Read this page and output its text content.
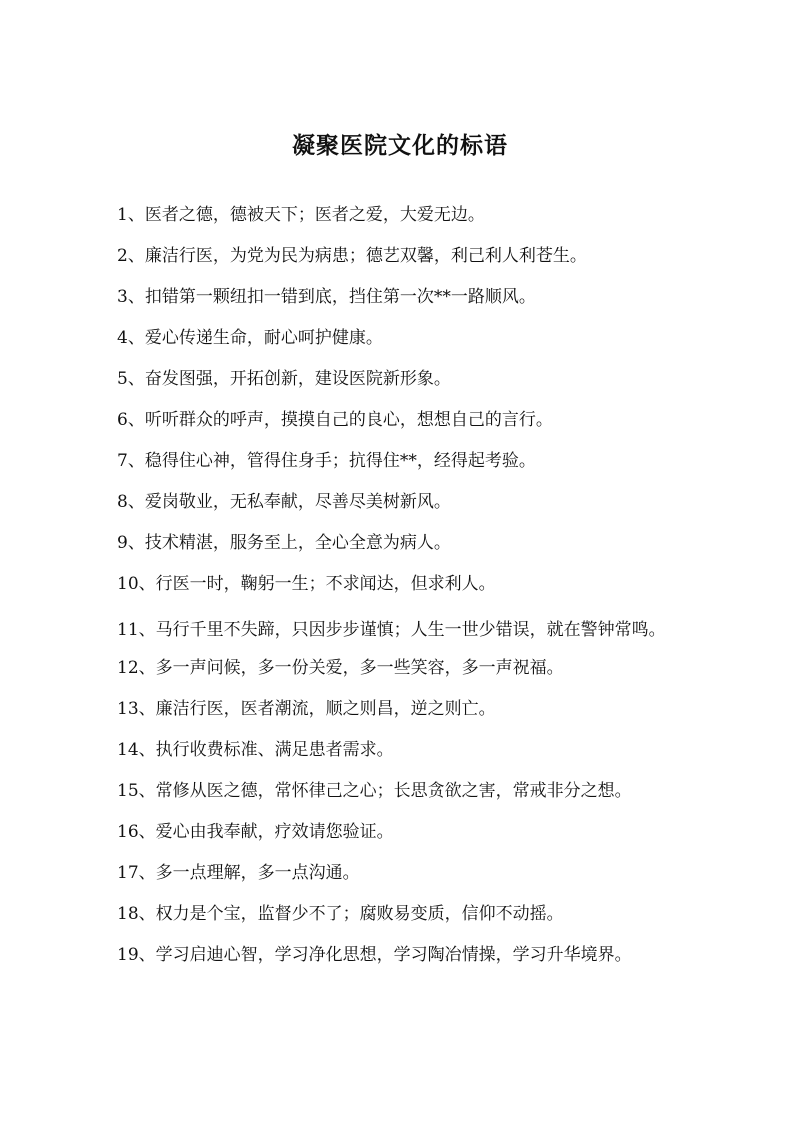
凝聚医院文化的标语
1、医者之德，德被天下；医者之爱，大爱无边。
2、廉洁行医，为党为民为病患；德艺双馨，利己利人利苍生。
3、扣错第一颗纽扣一错到底，挡住第一次**一路顺风。
4、爱心传递生命，耐心呵护健康。
5、奋发图强，开拓创新，建设医院新形象。
6、听听群众的呼声，摸摸自己的良心，想想自己的言行。
7、稳得住心神，管得住身手；抗得住**，经得起考验。
8、爱岗敬业，无私奉献，尽善尽美树新风。
9、技术精湛，服务至上，全心全意为病人。
10、行医一时，鞠躬一生；不求闻达，但求利人。
11、马行千里不失蹄，只因步步谨慎；人生一世少错误，就在警钟常鸣。
12、多一声问候，多一份关爱，多一些笑容，多一声祝福。
13、廉洁行医，医者潮流，顺之则昌，逆之则亡。
14、执行收费标准、满足患者需求。
15、常修从医之德，常怀律己之心；长思贪欲之害，常戒非分之想。
16、爱心由我奉献，疗效请您验证。
17、多一点理解，多一点沟通。
18、权力是个宝，监督少不了；腐败易变质，信仰不动摇。
19、学习启迪心智，学习净化思想，学习陶冶情操，学习升华境界。
